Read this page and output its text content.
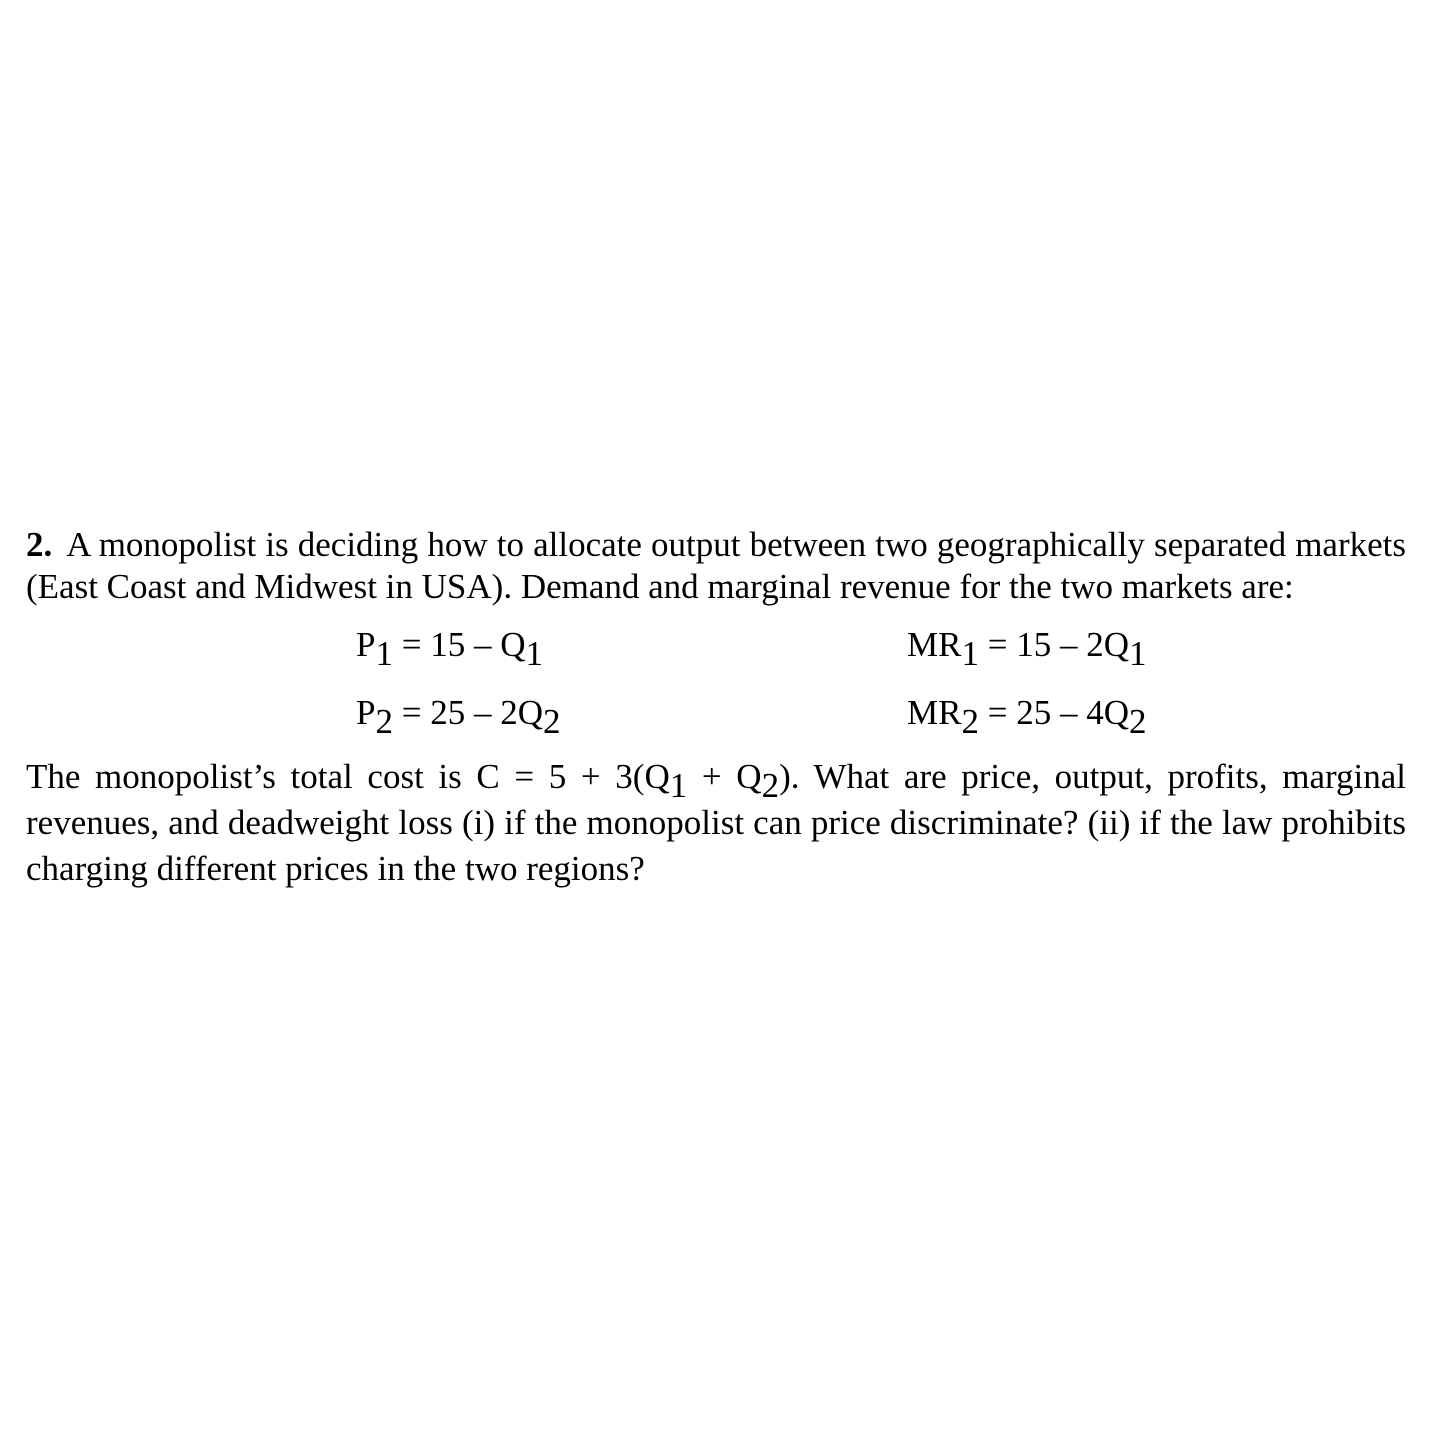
2. A monopolist is deciding how to allocate output between two geographically separated markets (East Coast and Midwest in USA). Demand and marginal revenue for the two markets are:

$P_1 = 15 - Q_1$
$P_2 = 25 - 2Q_2$
$MR_1 = 15 - 2Q_1$
$MR_2 = 25 - 4Q_2$

The monopolist’s total cost is $C = 5 + 3(Q_1 + Q_2)$. What are price, output, profits, marginal revenues, and deadweight loss (i) if the monopolist can price discriminate? (ii) if the law prohibits charging different prices in the two regions?
